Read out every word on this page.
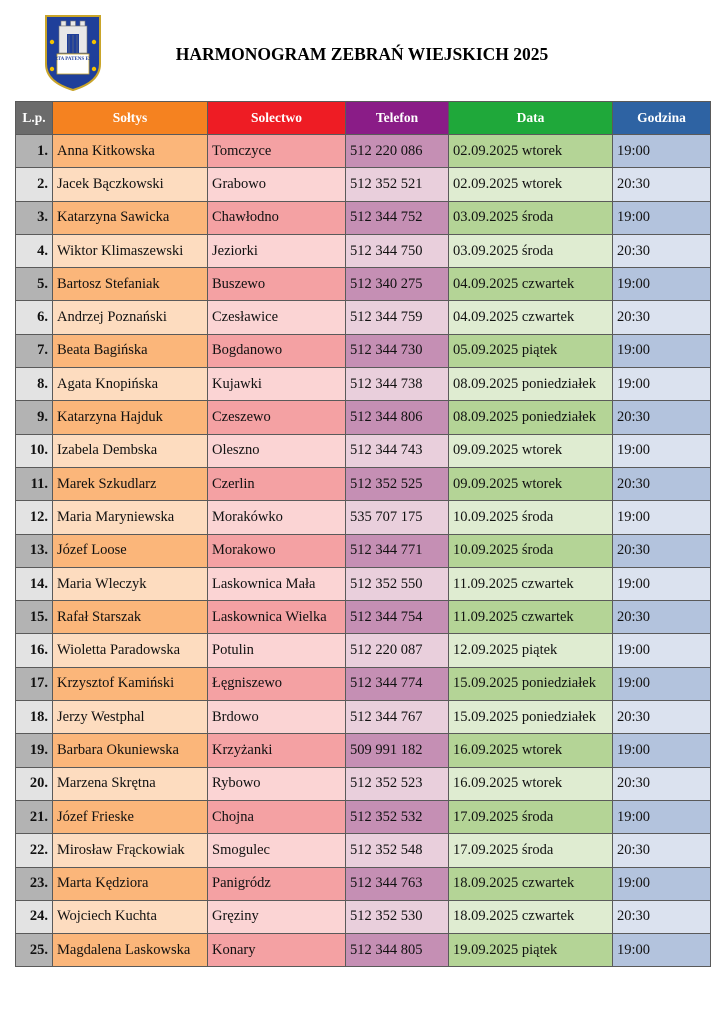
PORTA PATENS ESTO	HARMONOGRAM ZEBRAŃ WIEJSKICH 2025
L.p.	Sołtys	Solectwo	Telefon	Data	Godzina
1.	Anna Kitkowska	Tomczyce	512 220 086	02.09.2025 wtorek	19:00
2.	Jacek Bączkowski	Grabowo	512 352 521	02.09.2025 wtorek	20:30
3.	Katarzyna Sawicka	Chawłodno	512 344 752	03.09.2025 środa	19:00
4.	Wiktor Klimaszewski	Jeziorki	512 344 750	03.09.2025 środa	20:30
5.	Bartosz Stefaniak	Buszewo	512 340 275	04.09.2025 czwartek	19:00
6.	Andrzej Poznański	Czesławice	512 344 759	04.09.2025 czwartek	20:30
7.	Beata Bagińska	Bogdanowo	512 344 730	05.09.2025 piątek	19:00
8.	Agata Knopińska	Kujawki	512 344 738	08.09.2025 poniedziałek	19:00
9.	Katarzyna Hajduk	Czeszewo	512 344 806	08.09.2025 poniedziałek	20:30
10.	Izabela Dembska	Oleszno	512 344 743	09.09.2025 wtorek	19:00
11.	Marek Szkudlarz	Czerlin	512 352 525	09.09.2025 wtorek	20:30
12.	Maria Maryniewska	Morakówko	535 707 175	10.09.2025 środa	19:00
13.	Józef Loose	Morakowo	512 344 771	10.09.2025 środa	20:30
14.	Maria Wleczyk	Laskownica Mała	512 352 550	11.09.2025 czwartek	19:00
15.	Rafał Starszak	Laskownica Wielka	512 344 754	11.09.2025 czwartek	20:30
16.	Wioletta Paradowska	Potulin	512 220 087	12.09.2025 piątek	19:00
17.	Krzysztof Kamiński	Łęgniszewo	512 344 774	15.09.2025 poniedziałek	19:00
18.	Jerzy Westphal	Brdowo	512 344 767	15.09.2025 poniedziałek	20:30
19.	Barbara Okuniewska	Krzyżanki	509 991 182	16.09.2025 wtorek	19:00
20.	Marzena Skrętna	Rybowo	512 352 523	16.09.2025 wtorek	20:30
21.	Józef Frieske	Chojna	512 352 532	17.09.2025 środa	19:00
22.	Mirosław Frąckowiak	Smogulec	512 352 548	17.09.2025 środa	20:30
23.	Marta Kędziora	Panigródz	512 344 763	18.09.2025 czwartek	19:00
24.	Wojciech Kuchta	Gręziny	512 352 530	18.09.2025 czwartek	20:30
25.	Magdalena Laskowska	Konary	512 344 805	19.09.2025 piątek	19:00
